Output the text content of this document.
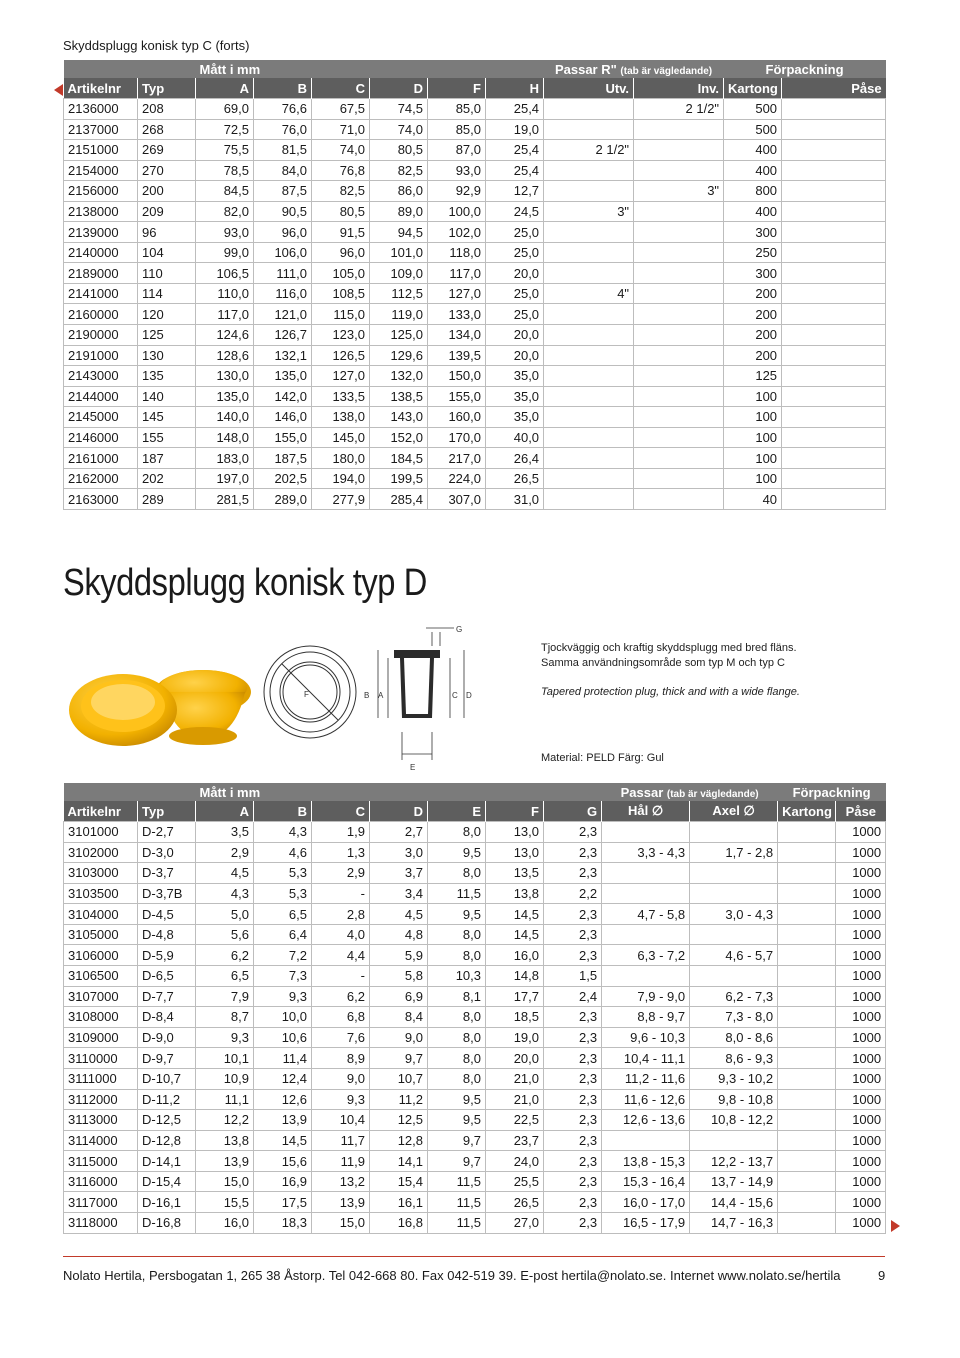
Skyddsplugg konisk typ C (forts)
		Mått i mm						Passar R" (tab är vägledande)		Förpackning	
Artikelnr	Typ	A	B	C	D	F	H	Utv.	Inv.	Kartong	Påse
2136000	208	69,0	76,6	67,5	74,5	85,0	25,4		2 1/2"	500	
2137000	268	72,5	76,0	71,0	74,0	85,0	19,0			500	
2151000	269	75,5	81,5	74,0	80,5	87,0	25,4	2 1/2"		400	
2154000	270	78,5	84,0	76,8	82,5	93,0	25,4			400	
2156000	200	84,5	87,5	82,5	86,0	92,9	12,7		3"	800	
2138000	209	82,0	90,5	80,5	89,0	100,0	24,5	3"		400	
2139000	96	93,0	96,0	91,5	94,5	102,0	25,0			300	
2140000	104	99,0	106,0	96,0	101,0	118,0	25,0			250	
2189000	110	106,5	111,0	105,0	109,0	117,0	20,0			300	
2141000	114	110,0	116,0	108,5	112,5	127,0	25,0	4"		200	
2160000	120	117,0	121,0	115,0	119,0	133,0	25,0			200	
2190000	125	124,6	126,7	123,0	125,0	134,0	20,0			200	
2191000	130	128,6	132,1	126,5	129,6	139,5	20,0			200	
2143000	135	130,0	135,0	127,0	132,0	150,0	35,0			125	
2144000	140	135,0	142,0	133,5	138,5	155,0	35,0			100	
2145000	145	140,0	146,0	138,0	143,0	160,0	35,0			100	
2146000	155	148,0	155,0	145,0	152,0	170,0	40,0			100	
2161000	187	183,0	187,5	180,0	184,5	217,0	26,4			100	
2162000	202	197,0	202,5	194,0	199,5	224,0	26,5			100	
2163000	289	281,5	289,0	277,9	285,4	307,0	31,0			40	
Skyddsplugg konisk typ D
F	B A	C D
E
G
Tjockväggig och kraftig skyddsplugg med bred fläns.
Samma användningsområde som typ M och typ C
Tapered protection plug, thick and with a wide flange.
Material: PELD Färg: Gul
		Mått i mm							Passar (tab är vägledande)		Förpackning	
Artikelnr	Typ	A	B	C	D	E	F	G	Hål ∅	Axel ∅	Kartong	Påse
3101000	D-2,7	3,5	4,3	1,9	2,7	8,0	13,0	2,3				1000
3102000	D-3,0	2,9	4,6	1,3	3,0	9,5	13,0	2,3	3,3 - 4,3	1,7 - 2,8		1000
3103000	D-3,7	4,5	5,3	2,9	3,7	8,0	13,5	2,3				1000
3103500	D-3,7B	4,3	5,3	-	3,4	11,5	13,8	2,2				1000
3104000	D-4,5	5,0	6,5	2,8	4,5	9,5	14,5	2,3	4,7 - 5,8	3,0 - 4,3		1000
3105000	D-4,8	5,6	6,4	4,0	4,8	8,0	14,5	2,3				1000
3106000	D-5,9	6,2	7,2	4,4	5,9	8,0	16,0	2,3	6,3 - 7,2	4,6 - 5,7		1000
3106500	D-6,5	6,5	7,3	-	5,8	10,3	14,8	1,5				1000
3107000	D-7,7	7,9	9,3	6,2	6,9	8,1	17,7	2,4	7,9 - 9,0	6,2 - 7,3		1000
3108000	D-8,4	8,7	10,0	6,8	8,4	8,0	18,5	2,3	8,8 - 9,7	7,3 - 8,0		1000
3109000	D-9,0	9,3	10,6	7,6	9,0	8,0	19,0	2,3	9,6 - 10,3	8,0 - 8,6		1000
3110000	D-9,7	10,1	11,4	8,9	9,7	8,0	20,0	2,3	10,4 - 11,1	8,6 - 9,3		1000
3111000	D-10,7	10,9	12,4	9,0	10,7	8,0	21,0	2,3	11,2 - 11,6	9,3 - 10,2		1000
3112000	D-11,2	11,1	12,6	9,3	11,2	9,5	21,0	2,3	11,6 - 12,6	9,8 - 10,8		1000
3113000	D-12,5	12,2	13,9	10,4	12,5	9,5	22,5	2,3	12,6 - 13,6	10,8 - 12,2		1000
3114000	D-12,8	13,8	14,5	11,7	12,8	9,7	23,7	2,3				1000
3115000	D-14,1	13,9	15,6	11,9	14,1	9,7	24,0	2,3	13,8 - 15,3	12,2 - 13,7		1000
3116000	D-15,4	15,0	16,9	13,2	15,4	11,5	25,5	2,3	15,3 - 16,4	13,7 - 14,9		1000
3117000	D-16,1	15,5	17,5	13,9	16,1	11,5	26,5	2,3	16,0 - 17,0	14,4 - 15,6		1000
3118000	D-16,8	16,0	18,3	15,0	16,8	11,5	27,0	2,3	16,5 - 17,9	14,7 - 16,3		1000
Nolato Hertila, Persbogatan 1, 265 38 Åstorp. Tel 042-668 80. Fax 042-519 39. E-post hertila@nolato.se. Internet www.nolato.se/hertila	9
